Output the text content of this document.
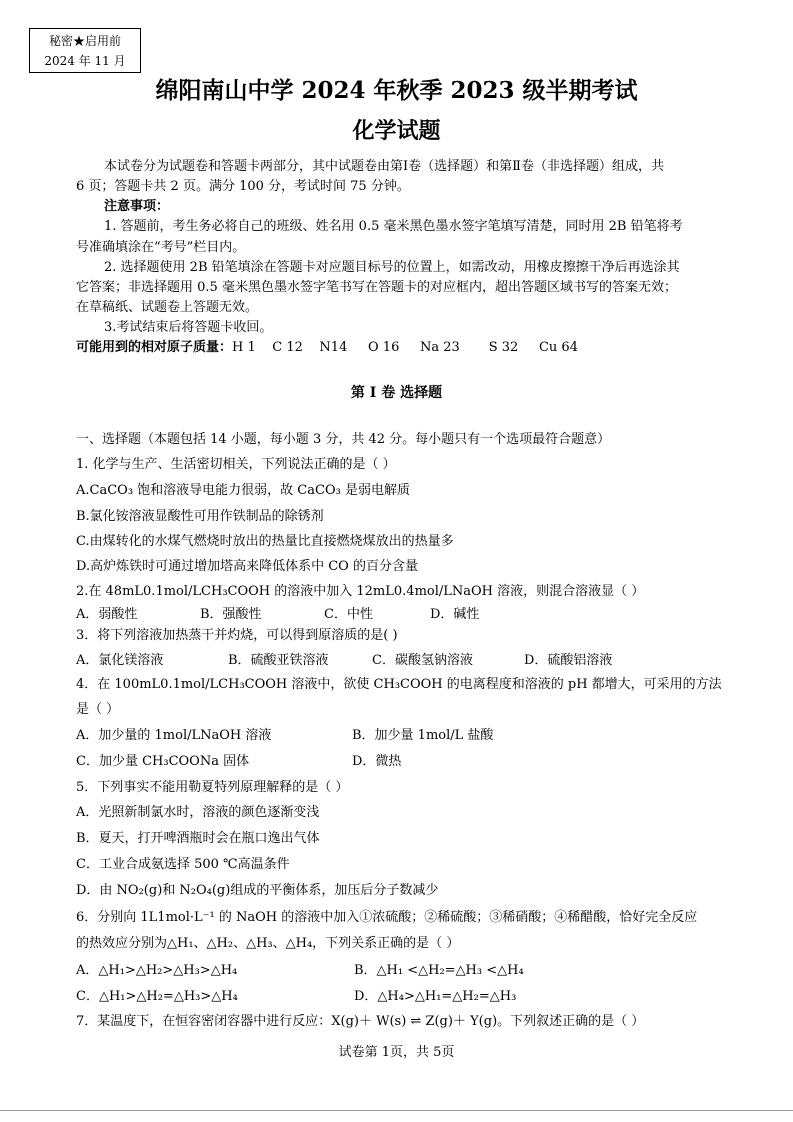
秘密★启用前
2024 年 11 月
绵阳南山中学 2024 年秋季 2023 级半期考试
化学试题
本试卷分为试题卷和答题卡两部分，其中试题卷由第Ⅰ卷（选择题）和第Ⅱ卷（非选择题）组成，共
6 页；答题卡共 2 页。满分 100 分，考试时间 75 分钟。
注意事项：
1. 答题前，考生务必将自己的班级、姓名用 0.5 毫米黑色墨水签字笔填写清楚，同时用 2B 铅笔将考
号准确填涂在“考号”栏目内。
2. 选择题使用 2B 铅笔填涂在答题卡对应题目标号的位置上，如需改动，用橡皮擦擦干净后再选涂其
它答案；非选择题用 0.5 毫米黑色墨水签字笔书写在答题卡的对应框内，超出答题区域书写的答案无效；
在草稿纸、试题卷上答题无效。
3.考试结束后将答题卡收回。
可能用到的相对原子质量：H 1    C 12    N14     O 16     Na 23       S 32     Cu 64
第 I 卷 选择题
一、选择题（本题包括 14 小题，每小题 3 分，共 42 分。每小题只有一个选项最符合题意）
1. 化学与生产、生活密切相关，下列说法正确的是（ ）
A.CaCO₃ 饱和溶液导电能力很弱，故 CaCO₃ 是弱电解质
B.氯化铵溶液显酸性可用作铁制品的除锈剂
C.由煤转化的水煤气燃烧时放出的热量比直接燃烧煤放出的热量多
D.高炉炼铁时可通过增加塔高来降低体系中 CO 的百分含量
2.在 48mL0.1mol/LCH₃COOH 的溶液中加入 12mL0.4mol/LNaOH 溶液，则混合溶液显（ ）
A．弱酸性	B．强酸性	C．中性	D．碱性
3．将下列溶液加热蒸干并灼烧，可以得到原溶质的是( )
A．氯化镁溶液	B．硫酸亚铁溶液	C．碳酸氢钠溶液	D．硫酸铝溶液
4．在 100mL0.1mol/LCH₃COOH 溶液中，欲使 CH₃COOH 的电离程度和溶液的 pH 都增大，可采用的方法
是（ ）
A．加少量的 1mol/LNaOH 溶液	B．加少量 1mol/L 盐酸
C．加少量 CH₃COONa 固体	D．微热
5．下列事实不能用勒夏特列原理解释的是（ ）
A．光照新制氯水时，溶液的颜色逐渐变浅
B．夏天，打开啤酒瓶时会在瓶口逸出气体
C．工业合成氨选择 500 ℃高温条件
D．由 NO₂(g)和 N₂O₄(g)组成的平衡体系，加压后分子数减少
6．分别向 1L1mol·L⁻¹ 的 NaOH 的溶液中加入①浓硫酸；②稀硫酸；③稀硝酸；④稀醋酸，恰好完全反应
的热效应分别为△H₁、△H₂、△H₃、△H₄，下列关系正确的是（ ）
A．△H₁>△H₂>△H₃>△H₄	B．△H₁ <△H₂=△H₃ <△H₄
C．△H₁>△H₂=△H₃>△H₄	D．△H₄>△H₁=△H₂=△H₃
7．某温度下，在恒容密闭容器中进行反应：X(g)＋ W(s) ⇌ Z(g)＋ Y(g)。下列叙述正确的是（ ）
试卷第 1页，共 5页
